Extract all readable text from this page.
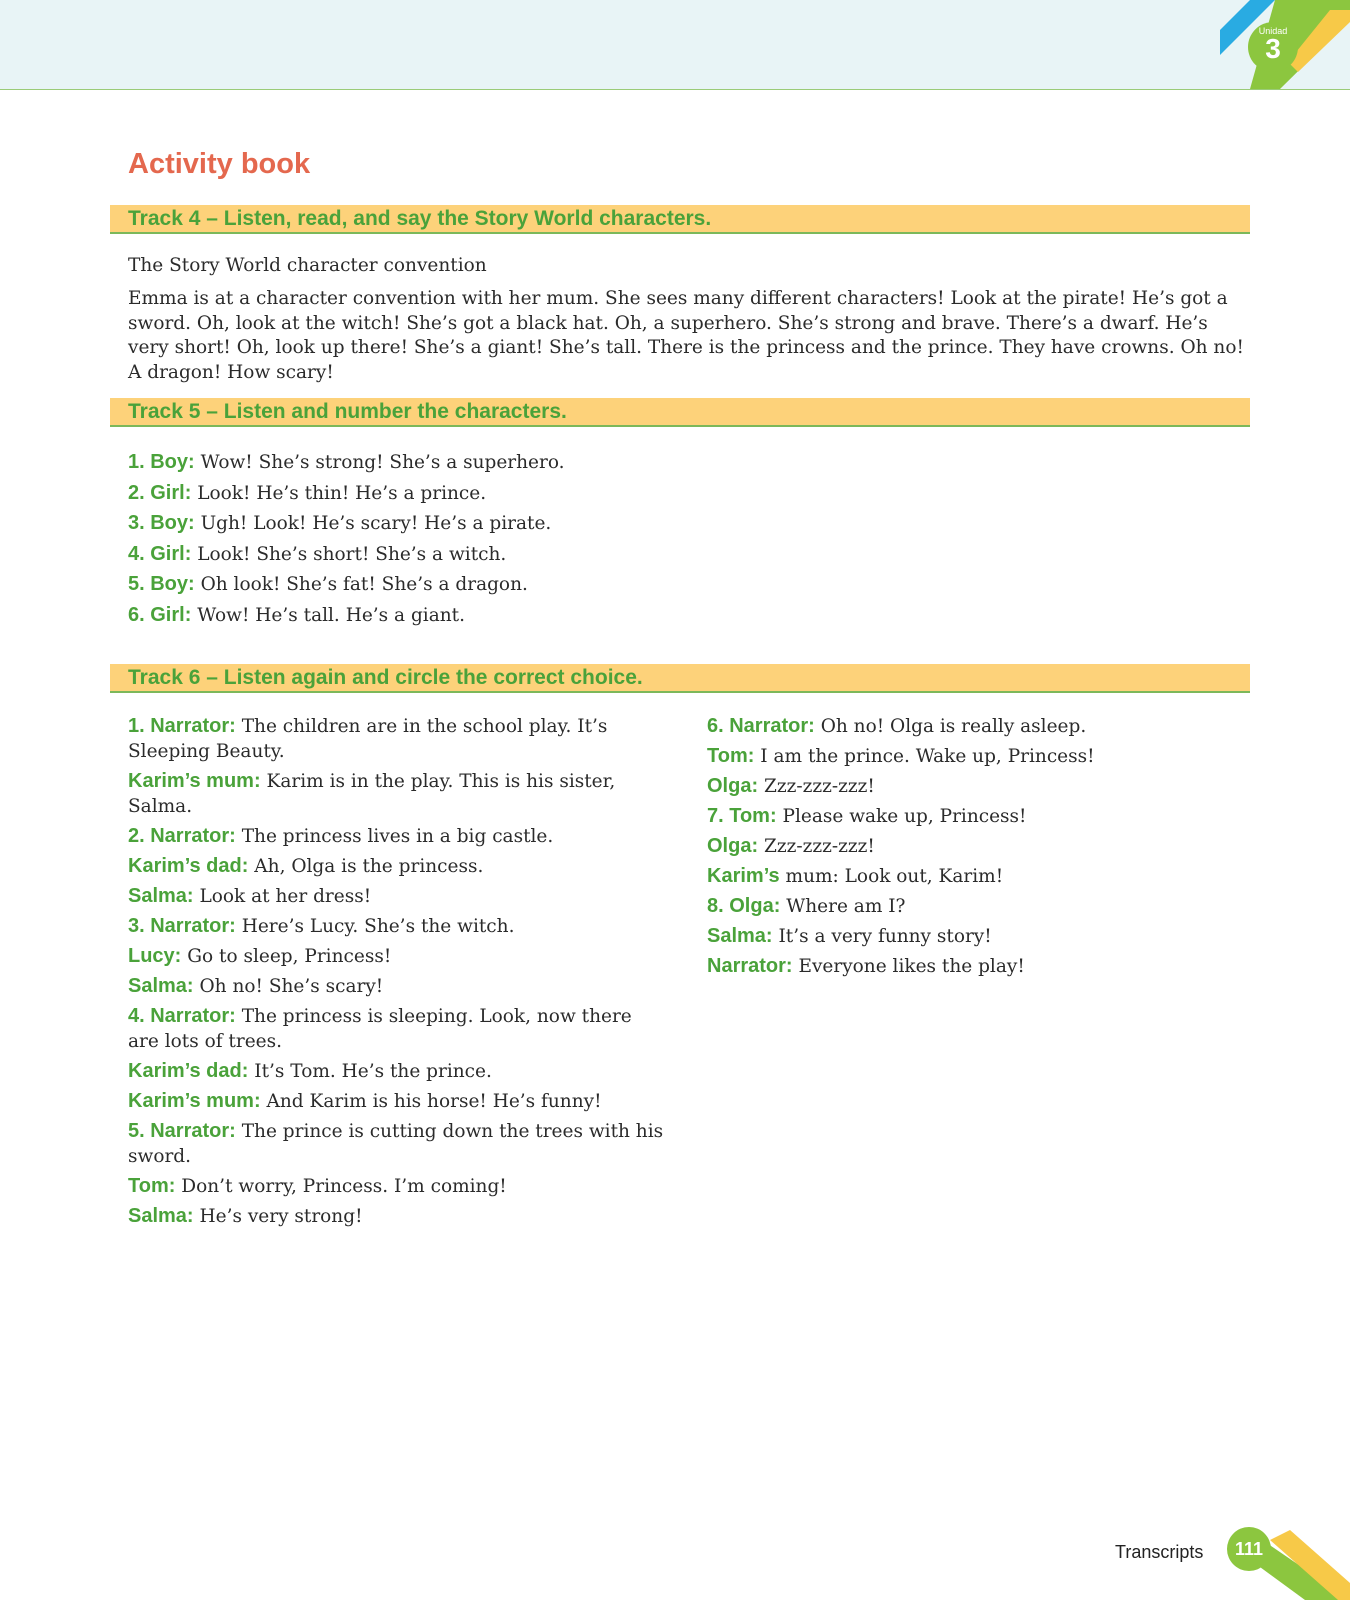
Unidad
3
Activity book
Track 4 – Listen, read, and say the Story World characters.
The Story World character convention
Emma is at a character convention with her mum. She sees many different characters! Look at the pirate! He’s got a sword. Oh, look at the witch! She’s got a black hat. Oh, a superhero. She’s strong and brave. There’s a dwarf. He’s very short! Oh, look up there! She’s a giant! She’s tall. There is the princess and the prince. They have crowns. Oh no! A dragon! How scary!
Track 5 – Listen and number the characters.
1. Boy: Wow! She’s strong! She’s a superhero.
2. Girl: Look! He’s thin! He’s a prince.
3. Boy: Ugh! Look! He’s scary! He’s a pirate.
4. Girl: Look! She’s short! She’s a witch.
5. Boy: Oh look! She’s fat! She’s a dragon.
6. Girl: Wow! He’s tall. He’s a giant.
Track 6 – Listen again and circle the correct choice.
1. Narrator: The children are in the school play. It’s Sleeping Beauty.
Karim’s mum: Karim is in the play. This is his sister, Salma.
2. Narrator: The princess lives in a big castle.
Karim’s dad: Ah, Olga is the princess.
Salma: Look at her dress!
3. Narrator: Here’s Lucy. She’s the witch.
Lucy: Go to sleep, Princess!
Salma: Oh no! She’s scary!
4. Narrator: The princess is sleeping. Look, now there are lots of trees.
Karim’s dad: It’s Tom. He’s the prince.
Karim’s mum: And Karim is his horse! He’s funny!
5. Narrator: The prince is cutting down the trees with his sword.
Tom: Don’t worry, Princess. I’m coming!
Salma: He’s very strong!
6. Narrator: Oh no! Olga is really asleep.
Tom: I am the prince. Wake up, Princess!
Olga: Zzz-zzz-zzz!
7. Tom: Please wake up, Princess!
Olga: Zzz-zzz-zzz!
Karim’s mum: Look out, Karim!
8. Olga: Where am I?
Salma: It’s a very funny story!
Narrator: Everyone likes the play!
Transcripts	111
